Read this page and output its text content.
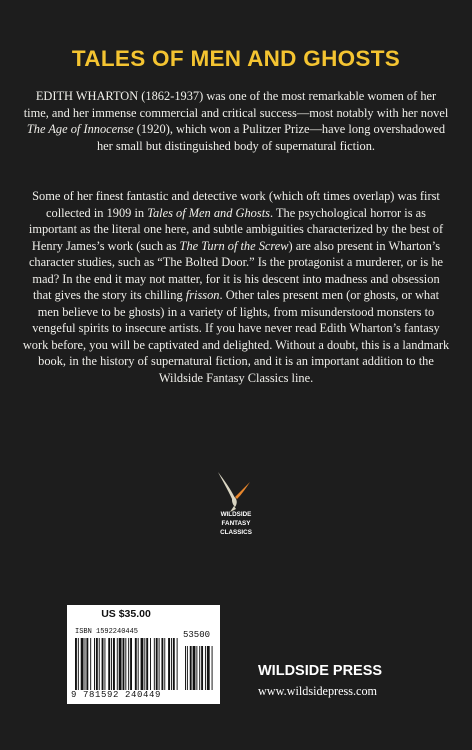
TALES OF MEN AND GHOSTS

EDITH WHARTON (1862-1937) was one of the most remarkable women of her time, and her immense commercial and critical success—most notably with her novel The Age of Innocense (1920), which won a Pulitzer Prize—have long overshadowed her small but distinguished body of supernatural fiction.

Some of her finest fantastic and detective work (which oft times overlap) was first collected in 1909 in Tales of Men and Ghosts. The psychological horror is as important as the literal one here, and subtle ambiguities characterized by the best of Henry James’s work (such as The Turn of the Screw) are also present in Wharton’s character studies, such as “The Bolted Door.” Is the protagonist a murderer, or is he mad? In the end it may not matter, for it is his descent into madness and obsession that gives the story its chilling frisson. Other tales present men (or ghosts, or what men believe to be ghosts) in a variety of lights, from misunderstood monsters to vengeful spirits to insecure artists. If you have never read Edith Wharton’s fantasy work before, you will be captivated and delighted. Without a doubt, this is a landmark book, in the history of supernatural fiction, and it is an important addition to the Wildside Fantasy Classics line.

WILDSIDE
FANTASY
CLASSICS
US $35.00
ISBN 1592240445	53500
9 781592 240449
WILDSIDE PRESS
www.wildsidepress.com
